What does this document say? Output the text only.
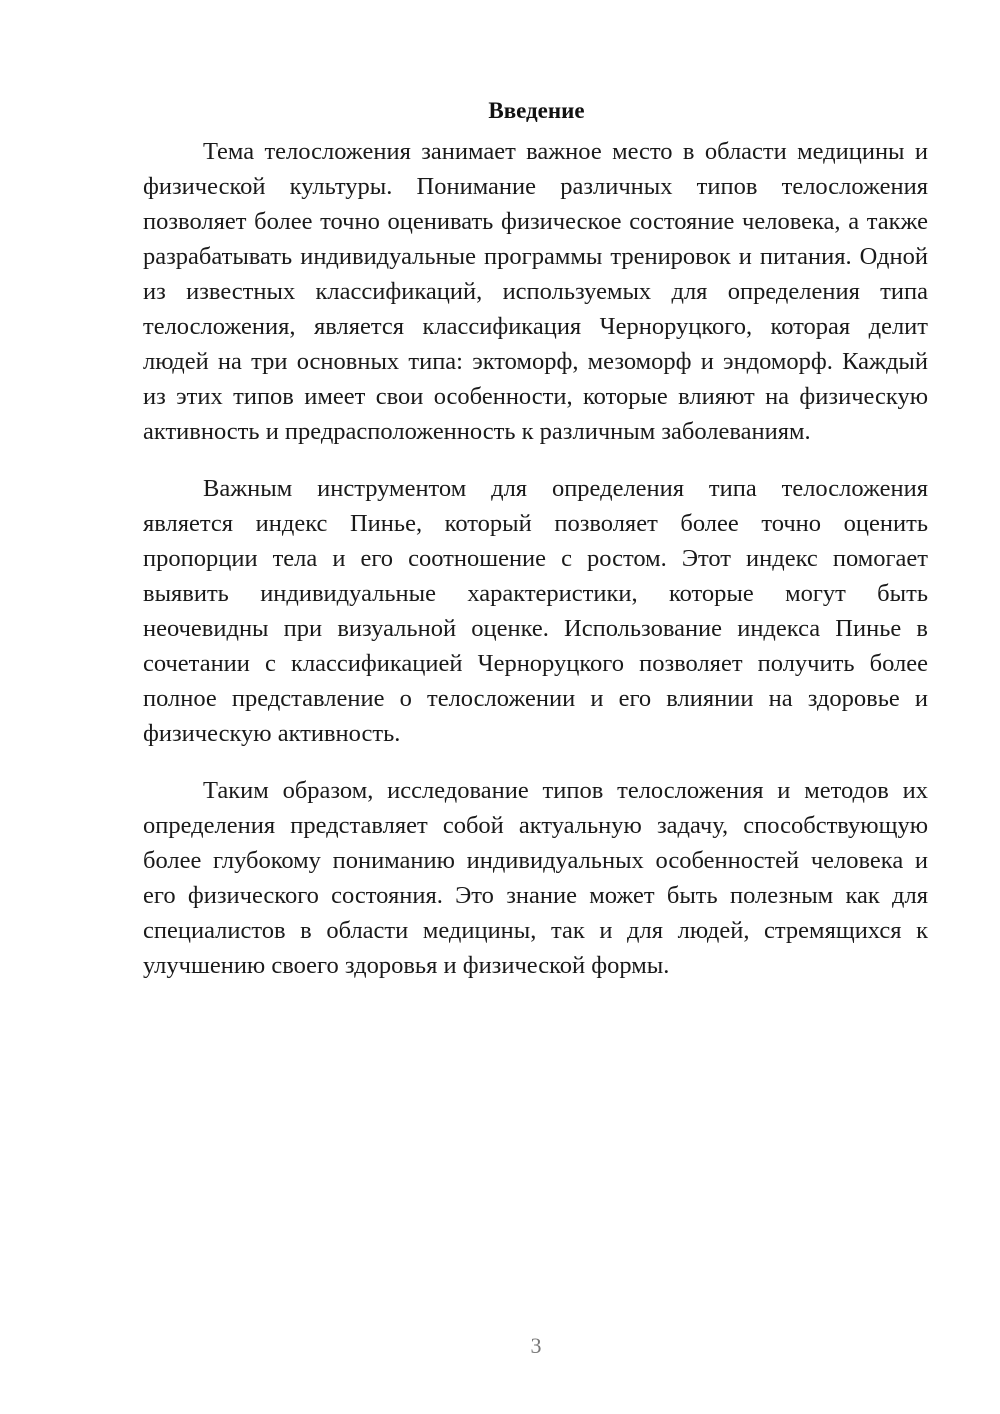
Введение

Тема телосложения занимает важное место в области медицины и физической культуры. Понимание различных типов телосложения позволяет более точно оценивать физическое состояние человека, а также разрабатывать индивидуальные программы тренировок и питания. Одной из известных классификаций, используемых для определения типа телосложения, является классификация Черноруцкого, которая делит людей на три основных типа: эктоморф, мезоморф и эндоморф. Каждый из этих типов имеет свои особенности, которые влияют на физическую активность и предрасположенность к различным заболеваниям.

Важным инструментом для определения типа телосложения является индекс Пинье, который позволяет более точно оценить пропорции тела и его соотношение с ростом. Этот индекс помогает выявить индивидуальные характеристики, которые могут быть неочевидны при визуальной оценке. Использование индекса Пинье в сочетании с классификацией Черноруцкого позволяет получить более полное представление о телосложении и его влиянии на здоровье и физическую активность.

Таким образом, исследование типов телосложения и методов их определения представляет собой актуальную задачу, способствующую более глубокому пониманию индивидуальных особенностей человека и его физического состояния. Это знание может быть полезным как для специалистов в области медицины, так и для людей, стремящихся к улучшению своего здоровья и физической формы.

3
